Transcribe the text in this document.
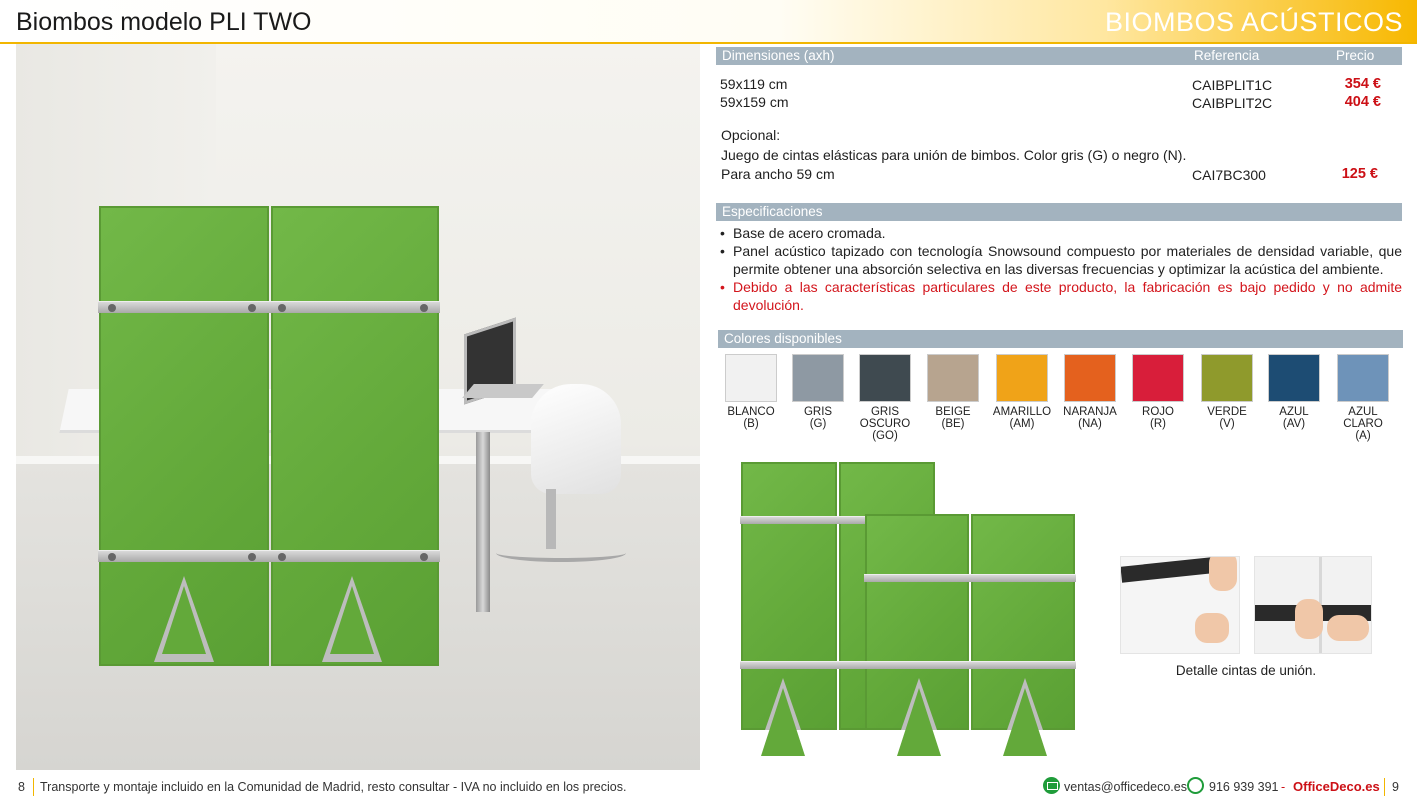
Biombos modelo PLI TWO	BIOMBOS ACÚSTICOS
Dimensiones (axh)	Referencia	Precio
59x119 cm	CAIBPLIT1C	354 €
59x159 cm	CAIBPLIT2C	404 €
Opcional:
Juego de cintas elásticas para unión de bimbos. Color gris (G) o negro (N).
Para ancho 59 cm	CAI7BC300	125 €
Especificaciones
• Base de acero cromada.
• Panel acústico tapizado con tecnología Snowsound compuesto por materiales de densidad variable, que permite obtener una absorción selectiva en las diversas frecuencias y optimizar la acústica del ambiente.
• Debido a las características particulares de este producto, la fabricación es bajo pedido y no admite devolución.
Colores disponibles
BLANCO
(B)
GRIS
(G)
GRIS OSCURO
(GO)
BEIGE
(BE)
AMARILLO
(AM)
NARANJA
(NA)
ROJO
(R)
VERDE
(V)
AZUL
(AV)
AZUL CLARO
(A)
Detalle cintas de unión.
8 Transporte y montaje incluido en la Comunidad de Madrid, resto consultar - IVA no incluido en los precios.	ventas@officedeco.es 916 939 391 - OfficeDeco.es 9
